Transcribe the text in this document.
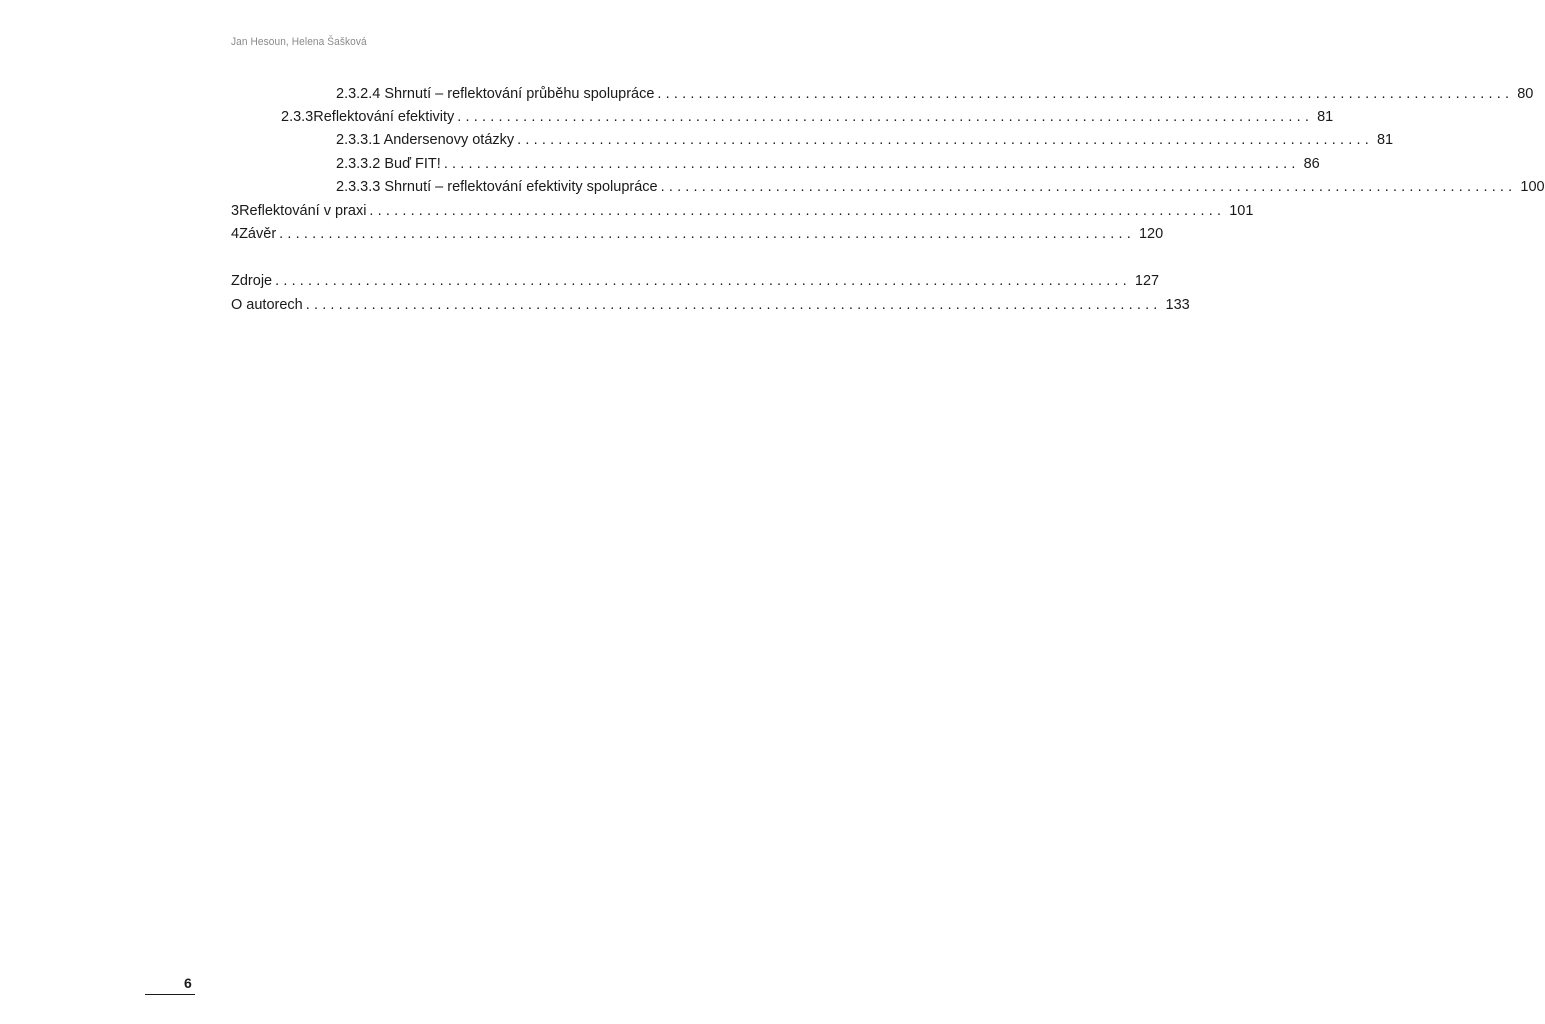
Jan Hesoun, Helena Šašková
2.3.2.4 Shrnutí – reflektování průběhu spolupráce ........................................................................................................ 80
2.3.3 Reflektování efektivity ........................................................................................................ 81
2.3.3.1 Andersenovy otázky ........................................................................................................ 81
2.3.3.2 Buď FIT! ........................................................................................................ 86
2.3.3.3 Shrnutí – reflektování efektivity spolupráce ........................................................................................................ 100
3 Reflektování v praxi ........................................................................................................ 101
4 Závěr ........................................................................................................ 120
Zdroje ........................................................................................................ 127
O autorech ........................................................................................................ 133
6
